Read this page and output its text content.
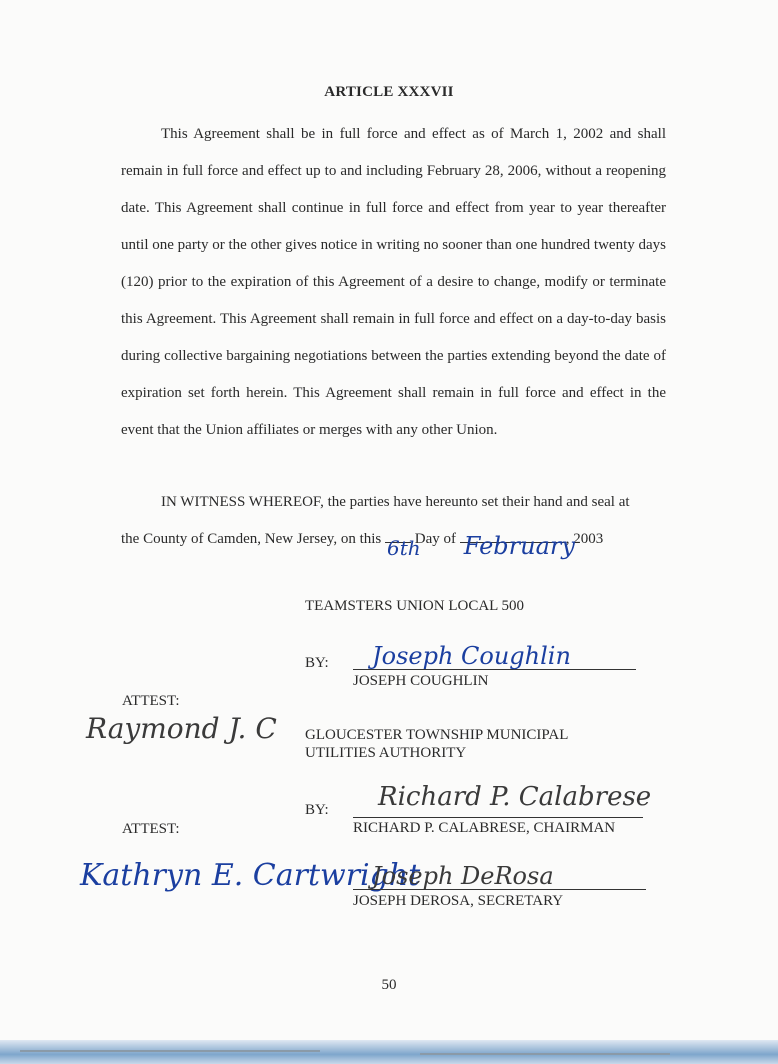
ARTICLE XXXVII

This Agreement shall be in full force and effect as of March 1, 2002 and shall remain in full force and effect up to and including February 28, 2006, without a reopening date. This Agreement shall continue in full force and effect from year to year thereafter until one party or the other gives notice in writing no sooner than one hundred twenty days (120) prior to the expiration of this Agreement of a desire to change, modify or terminate this Agreement. This Agreement shall remain in full force and effect on a day-to-day basis during collective bargaining negotiations between the parties extending beyond the date of expiration set forth herein. This Agreement shall remain in full force and effect in the event that the Union affiliates or merges with any other Union.

IN WITNESS WHEREOF, the parties have hereunto set their hand and seal at
the County of Camden, New Jersey, on this 6th
Day of February
, 2003
TEAMSTERS UNION LOCAL 500
BY:
JOSEPH COUGHLIN
Joseph Coughlin
ATTEST:
Raymond J. C GLOUCESTER TOWNSHIP MUNICIPAL
UTILITIES AUTHORITY
BY:
RICHARD P. CALABRESE, CHAIRMAN
Richard P. Calabrese
ATTEST:
Kathryn E. Cartwright
Joseph DeRosa
JOSEPH DEROSA, SECRETARY
50
